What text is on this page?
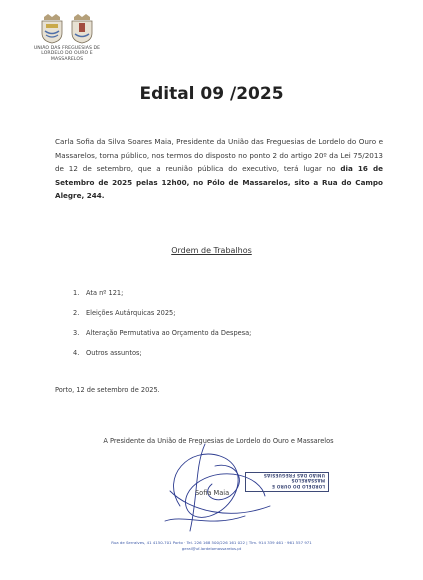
UNIÃO DAS FREGUESIAS DE
LORDELO DO OURO E MASSARELOS
Edital 09 /2025
Carla Sofia da Silva Soares Maia, Presidente da União das Freguesias de Lordelo do Ouro e Massarelos, torna público, nos termos do disposto no ponto 2 do artigo 20º da Lei 75/2013 de 12 de setembro, que a reunião pública do executivo, terá lugar no dia 16 de Setembro de 2025 pelas 12h00, no Pólo de Massarelos, sito a Rua do Campo Alegre, 244.
Ordem de Trabalhos
1.	Ata nº 121;
2.	Eleições Autárquicas 2025;
3.	Alteração Permutativa ao Orçamento da Despesa;
4.	Outros assuntos;
Porto, 12 de setembro de 2025.
A Presidente da União de Freguesias de Lordelo do Ouro e Massarelos
LORDELO DO OURO E MASSARELOS
UNIÃO DAS FREGUESIAS
Sofia Maia
Rua de Serralves, 41 4150-701 Porto · Tel. 226 168 500/226 161 022 | Tlm. 914 339 461 · 961 557 971
geral@uf-lordelomassarelos.pt
